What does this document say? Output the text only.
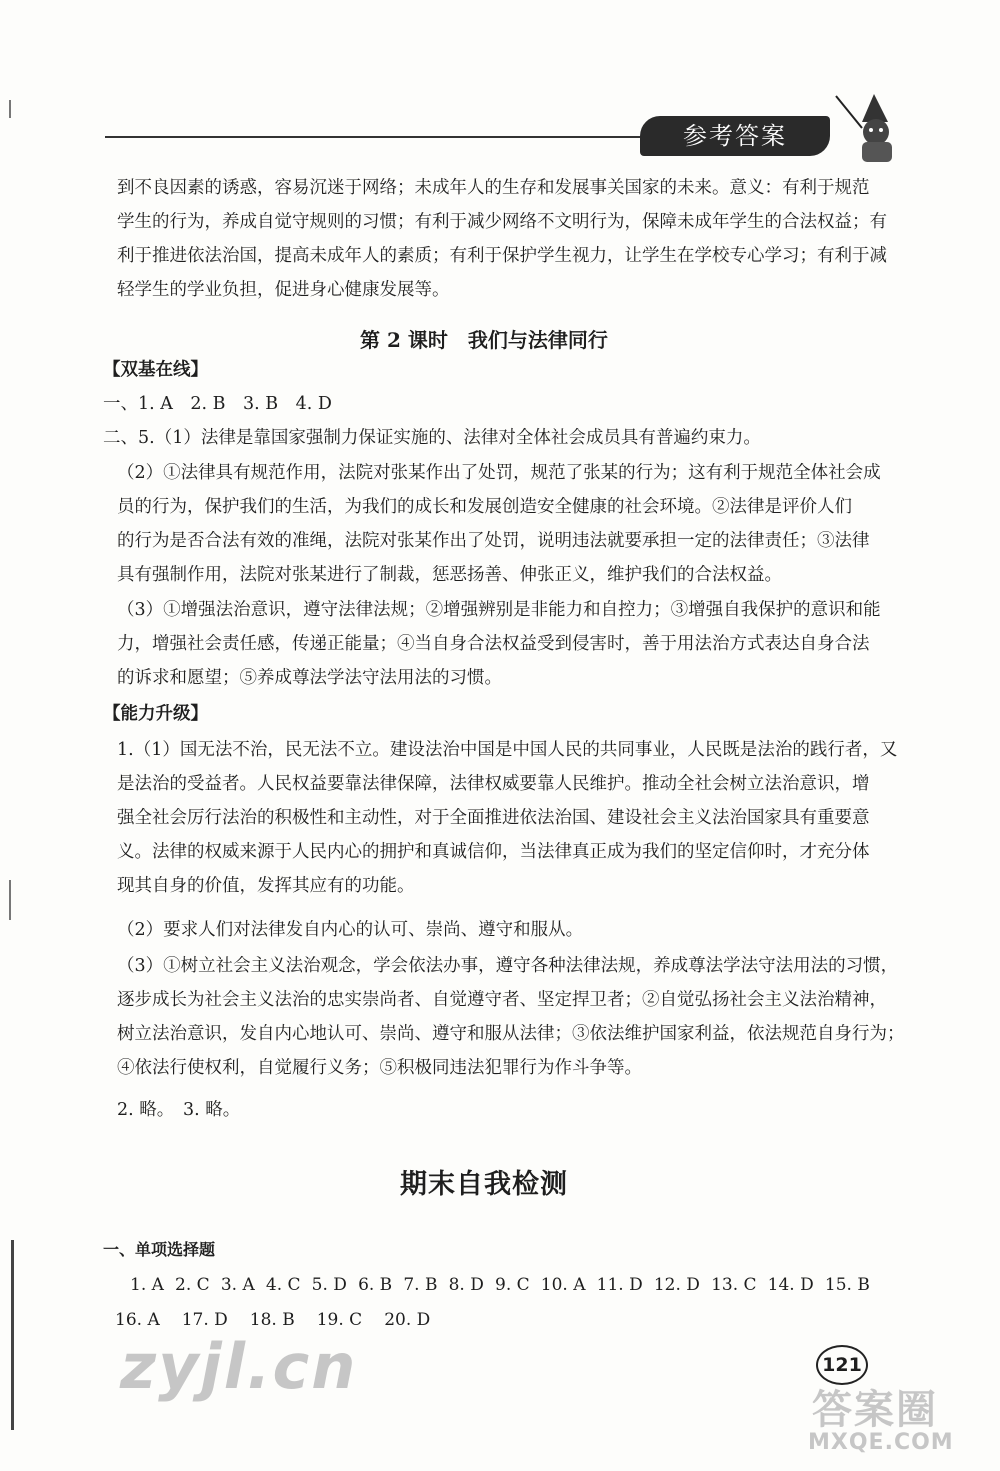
参考答案
到不良因素的诱惑，容易沉迷于网络；未成年人的生存和发展事关国家的未来。意义：有利于规范
学生的行为，养成自觉守规则的习惯；有利于减少网络不文明行为，保障未成年学生的合法权益；有
利于推进依法治国，提高未成年人的素质；有利于保护学生视力，让学生在学校专心学习；有利于减
轻学生的学业负担，促进身心健康发展等。
第 2 课时　我们与法律同行
【双基在线】
一、1. A　2. B　3. B　4. D
二、5.（1）法律是靠国家强制力保证实施的、法律对全体社会成员具有普遍约束力。
（2）①法律具有规范作用，法院对张某作出了处罚，规范了张某的行为；这有利于规范全体社会成
员的行为，保护我们的生活，为我们的成长和发展创造安全健康的社会环境。②法律是评价人们
的行为是否合法有效的准绳，法院对张某作出了处罚，说明违法就要承担一定的法律责任；③法律
具有强制作用，法院对张某进行了制裁，惩恶扬善、伸张正义，维护我们的合法权益。
（3）①增强法治意识，遵守法律法规；②增强辨别是非能力和自控力；③增强自我保护的意识和能
力，增强社会责任感，传递正能量；④当自身合法权益受到侵害时，善于用法治方式表达自身合法
的诉求和愿望；⑤养成尊法学法守法用法的习惯。
【能力升级】
1.（1）国无法不治，民无法不立。建设法治中国是中国人民的共同事业，人民既是法治的践行者，又
是法治的受益者。人民权益要靠法律保障，法律权威要靠人民维护。推动全社会树立法治意识，增
强全社会厉行法治的积极性和主动性，对于全面推进依法治国、建设社会主义法治国家具有重要意
义。法律的权威来源于人民内心的拥护和真诚信仰，当法律真正成为我们的坚定信仰时，才充分体
现其自身的价值，发挥其应有的功能。
（2）要求人们对法律发自内心的认可、崇尚、遵守和服从。
（3）①树立社会主义法治观念，学会依法办事，遵守各种法律法规，养成尊法学法守法用法的习惯，
逐步成长为社会主义法治的忠实崇尚者、自觉遵守者、坚定捍卫者；②自觉弘扬社会主义法治精神，
树立法治意识，发自内心地认可、崇尚、遵守和服从法律；③依法维护国家利益，依法规范自身行为；
④依法行使权利，自觉履行义务；⑤积极同违法犯罪行为作斗争等。
2. 略。　3. 略。
期末自我检测
一、单项选择题
1. A 2. C 3. A 4. C 5. D 6. B 7. B 8. D 9. C 10. A 11. D 12. D 13. C 14. D 15. B
16. A 17. D 18. B 19. C 20. D
121
zyjl.cn
答案圈
MXQE.COM
